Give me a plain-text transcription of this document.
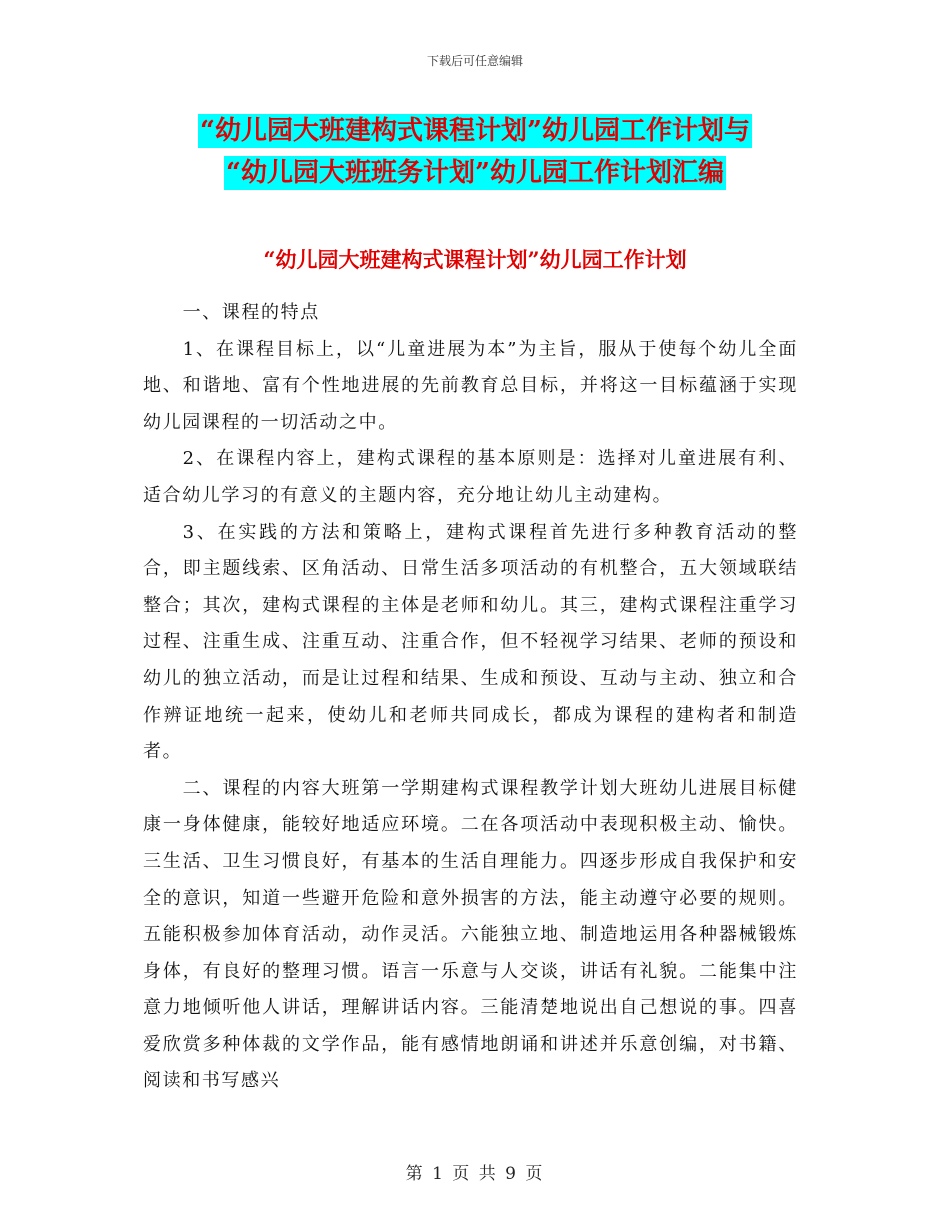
下载后可任意编辑
“幼儿园大班建构式课程计划”幼儿园工作计划与
“幼儿园大班班务计划”幼儿园工作计划汇编
“幼儿园大班建构式课程计划”幼儿园工作计划

一、课程的特点

1、在课程目标上，以“儿童进展为本”为主旨，服从于使每个幼儿全面地、和谐地、富有个性地进展的先前教育总目标，并将这一目标蕴涵于实现幼儿园课程的一切活动之中。

2、在课程内容上，建构式课程的基本原则是：选择对儿童进展有利、适合幼儿学习的有意义的主题内容，充分地让幼儿主动建构。

3、在实践的方法和策略上，建构式课程首先进行多种教育活动的整合，即主题线索、区角活动、日常生活多项活动的有机整合，五大领域联结整合；其次，建构式课程的主体是老师和幼儿。其三，建构式课程注重学习过程、注重生成、注重互动、注重合作，但不轻视学习结果、老师的预设和幼儿的独立活动，而是让过程和结果、生成和预设、互动与主动、独立和合作辨证地统一起来，使幼儿和老师共同成长，都成为课程的建构者和制造者。

二、课程的内容大班第一学期建构式课程教学计划大班幼儿进展目标健康一身体健康，能较好地适应环境。二在各项活动中表现积极主动、愉快。三生活、卫生习惯良好，有基本的生活自理能力。四逐步形成自我保护和安全的意识，知道一些避开危险和意外损害的方法，能主动遵守必要的规则。五能积极参加体育活动，动作灵活。六能独立地、制造地运用各种器械锻炼身体，有良好的整理习惯。语言一乐意与人交谈，讲话有礼貌。二能集中注意力地倾听他人讲话，理解讲话内容。三能清楚地说出自己想说的事。四喜爱欣赏多种体裁的文学作品，能有感情地朗诵和讲述并乐意创编，对书籍、阅读和书写感兴

第 1 页 共 9 页
